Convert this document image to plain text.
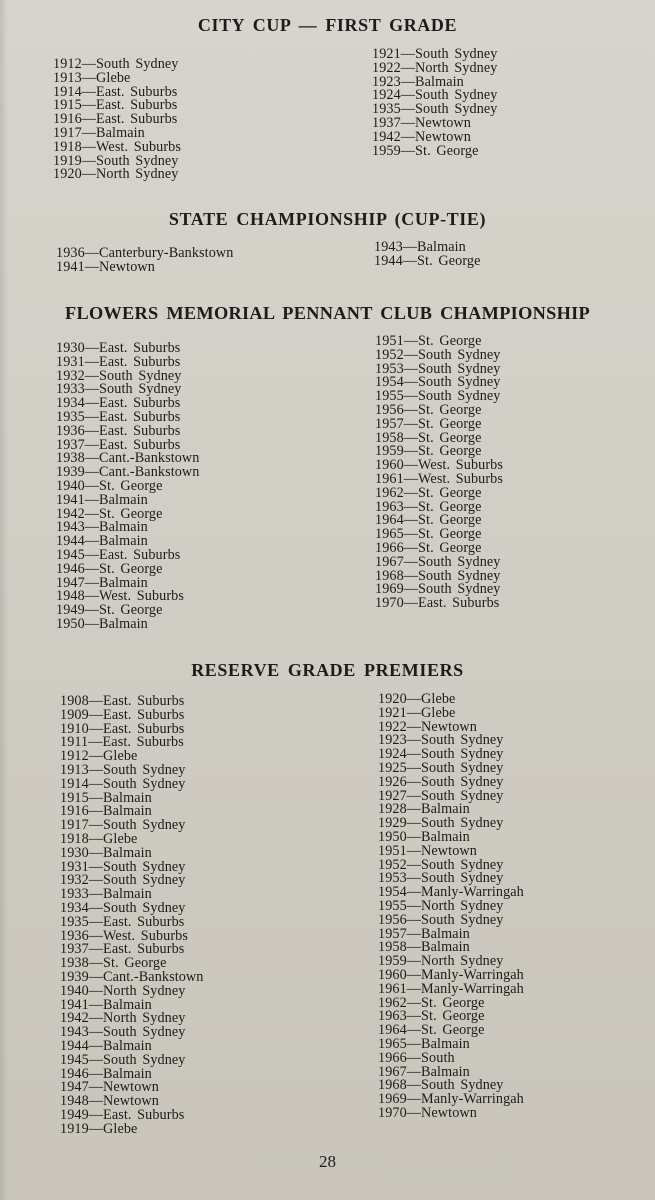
CITY CUP — FIRST GRADE
1912—South Sydney
1913—Glebe
1914—East. Suburbs
1915—East. Suburbs
1916—East. Suburbs
1917—Balmain
1918—West. Suburbs
1919—South Sydney
1920—North Sydney
1921—South Sydney
1922—North Sydney
1923—Balmain
1924—South Sydney
1935—South Sydney
1937—Newtown
1942—Newtown
1959—St. George
STATE CHAMPIONSHIP (CUP-TIE)
1936—Canterbury-Bankstown
1941—Newtown
1943—Balmain
1944—St. George
FLOWERS MEMORIAL PENNANT CLUB CHAMPIONSHIP
1930—East. Suburbs
1931—East. Suburbs
1932—South Sydney
1933—South Sydney
1934—East. Suburbs
1935—East. Suburbs
1936—East. Suburbs
1937—East. Suburbs
1938—Cant.-Bankstown
1939—Cant.-Bankstown
1940—St. George
1941—Balmain
1942—St. George
1943—Balmain
1944—Balmain
1945—East. Suburbs
1946—St. George
1947—Balmain
1948—West. Suburbs
1949—St. George
1950—Balmain
1951—St. George
1952—South Sydney
1953—South Sydney
1954—South Sydney
1955—South Sydney
1956—St. George
1957—St. George
1958—St. George
1959—St. George
1960—West. Suburbs
1961—West. Suburbs
1962—St. George
1963—St. George
1964—St. George
1965—St. George
1966—St. George
1967—South Sydney
1968—South Sydney
1969—South Sydney
1970—East. Suburbs
RESERVE GRADE PREMIERS
1908—East. Suburbs
1909—East. Suburbs
1910—East. Suburbs
1911—East. Suburbs
1912—Glebe
1913—South Sydney
1914—South Sydney
1915—Balmain
1916—Balmain
1917—South Sydney
1918—Glebe
1930—Balmain
1931—South Sydney
1932—South Sydney
1933—Balmain
1934—South Sydney
1935—East. Suburbs
1936—West. Suburbs
1937—East. Suburbs
1938—St. George
1939—Cant.-Bankstown
1940—North Sydney
1941—Balmain
1942—North Sydney
1943—South Sydney
1944—Balmain
1945—South Sydney
1946—Balmain
1947—Newtown
1948—Newtown
1949—East. Suburbs
1919—Glebe
1920—Glebe
1921—Glebe
1922—Newtown
1923—South Sydney
1924—South Sydney
1925—South Sydney
1926—South Sydney
1927—South Sydney
1928—Balmain
1929—South Sydney
1950—Balmain
1951—Newtown
1952—South Sydney
1953—South Sydney
1954—Manly-Warringah
1955—North Sydney
1956—South Sydney
1957—Balmain
1958—Balmain
1959—North Sydney
1960—Manly-Warringah
1961—Manly-Warringah
1962—St. George
1963—St. George
1964—St. George
1965—Balmain
1966—South
1967—Balmain
1968—South Sydney
1969—Manly-Warringah
1970—Newtown
28
